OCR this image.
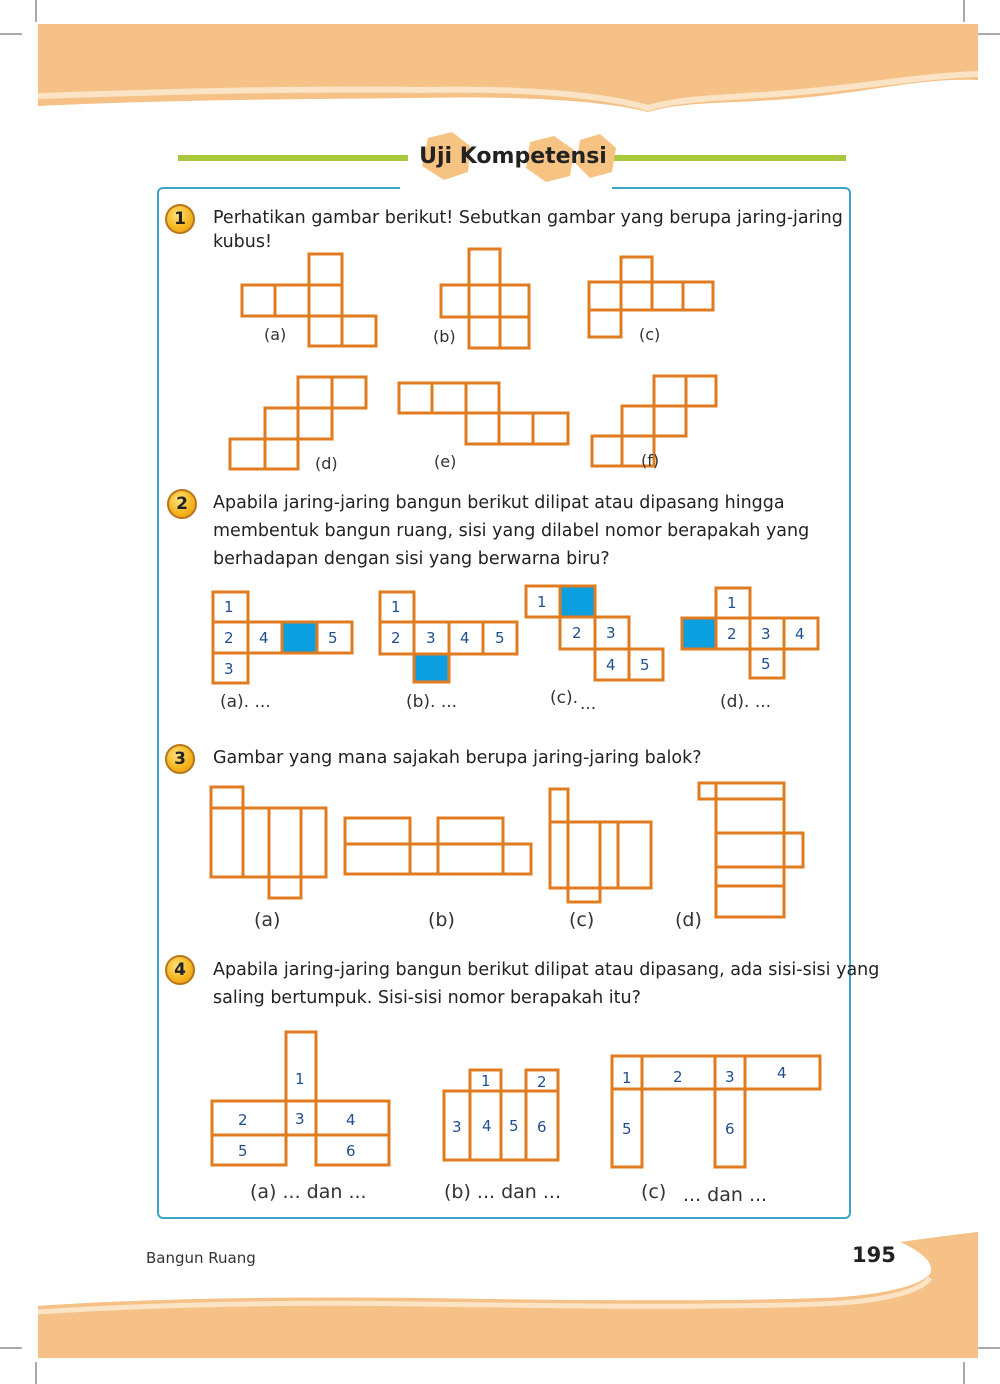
Uji Kompetensi
1	Perhatikan gambar berikut! Sebutkan gambar yang berupa jaring-jaring
kubus!
(a)	(b)	(c)
(d)	(e)	(f)
2	Apabila jaring-jaring bangun berikut dilipat atau dipasang hingga
membentuk bangun ruang, sisi yang dilabel nomor berapakah yang
berhadapan dengan sisi yang berwarna biru?
1
2 4	5
3
1
2 3 4 5
1
2 3
4 5
1
2 3 4
5
(a). ...	(b). ...	(c). ...	(d). ...
3	Gambar yang mana sajakah berupa jaring-jaring balok?
(a)	(b)	(c)	(d)
4	Apabila jaring-jaring bangun berikut dilipat atau dipasang, ada sisi-sisi yang
saling bertumpuk. Sisi-sisi nomor berapakah itu?
1
2	3	4
5	6
1	2
3 4 5 6
1	2	3	4
5	6
(a) ... dan ...	(b) ... dan ...	(c) ... dan ...
Bangun Ruang	195
